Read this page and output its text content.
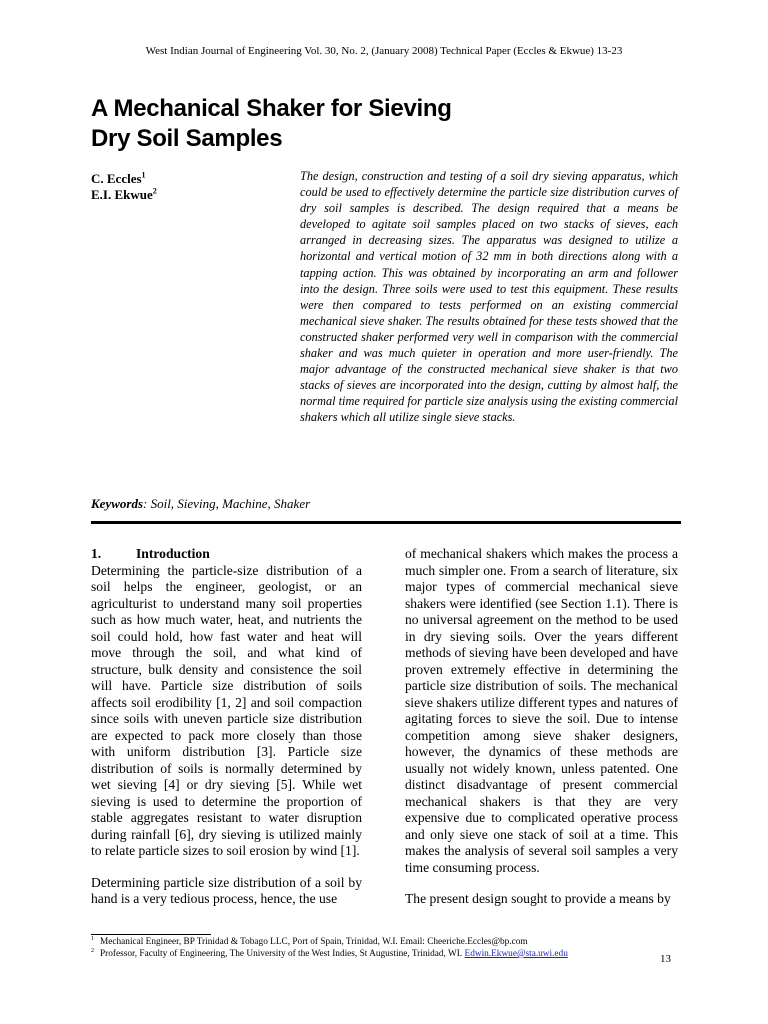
West Indian Journal of Engineering Vol. 30, No. 2, (January 2008) Technical Paper (Eccles & Ekwue) 13-23
A Mechanical Shaker for Sieving
Dry Soil Samples
C. Eccles$^1$
E.I. Ekwue$^2$

The design, construction and testing of a soil dry sieving apparatus, which could be used to effectively determine the particle size distribution curves of dry soil samples is described. The design required that a means be developed to agitate soil samples placed on two stacks of sieves, each arranged in decreasing sizes. The apparatus was designed to utilize a horizontal and vertical motion of 32 mm in both directions along with a tapping action. This was obtained by incorporating an arm and follower into the design. Three soils were used to test this equipment. These results were then compared to tests performed on an existing commercial mechanical sieve shaker. The results obtained for these tests showed that the constructed shaker performed very well in comparison with the commercial shaker and was much quieter in operation and more user-friendly. The major advantage of the constructed mechanical sieve shaker is that two stacks of sieves are incorporated into the design, cutting by almost half, the normal time required for particle size analysis using the existing commercial shakers which all utilize single sieve stacks.

Keywords: Soil, Sieving, Machine, Shaker
1.	Introduction

Determining the particle-size distribution of a soil helps the engineer, geologist, or an agriculturist to understand many soil properties such as how much water, heat, and nutrients the soil could hold, how fast water and heat will move through the soil, and what kind of structure, bulk density and consistence the soil will have. Particle size distribution of soils affects soil erodibility [1, 2] and soil compaction since soils with uneven particle size distribution are expected to pack more closely than those with uniform distribution [3]. Particle size distribution of soils is normally determined by wet sieving [4] or dry sieving [5]. While wet sieving is used to determine the proportion of stable aggregates resistant to water disruption during rainfall [6], dry sieving is utilized mainly to relate particle sizes to soil erosion by wind [1].

Determining particle size distribution of a soil by hand is a very tedious process, hence, the use

of mechanical shakers which makes the process a much simpler one. From a search of literature, six major types of commercial mechanical sieve shakers were identified (see Section 1.1). There is no universal agreement on the method to be used in dry sieving soils. Over the years different methods of sieving have been developed and have proven extremely effective in determining the particle size distribution of soils. The mechanical sieve shakers utilize different types and natures of agitating forces to sieve the soil. Due to intense competition among sieve shaker designers, however, the dynamics of these methods are usually not widely known, unless patented. One distinct disadvantage of present commercial mechanical shakers is that they are very expensive due to complicated operative process and only sieve one stack of soil at a time. This makes the analysis of several soil samples a very time consuming process.

The present design sought to provide a means by

$^1$ Mechanical Engineer, BP Trinidad & Tobago LLC, Port of Spain, Trinidad, W.I. Email: Cheeriche.Eccles@bp.com
$^2$ Professor, Faculty of Engineering, The University of the West Indies, St Augustine, Trinidad, WI. Edwin.Ekwue@sta.uwi.edu	13
